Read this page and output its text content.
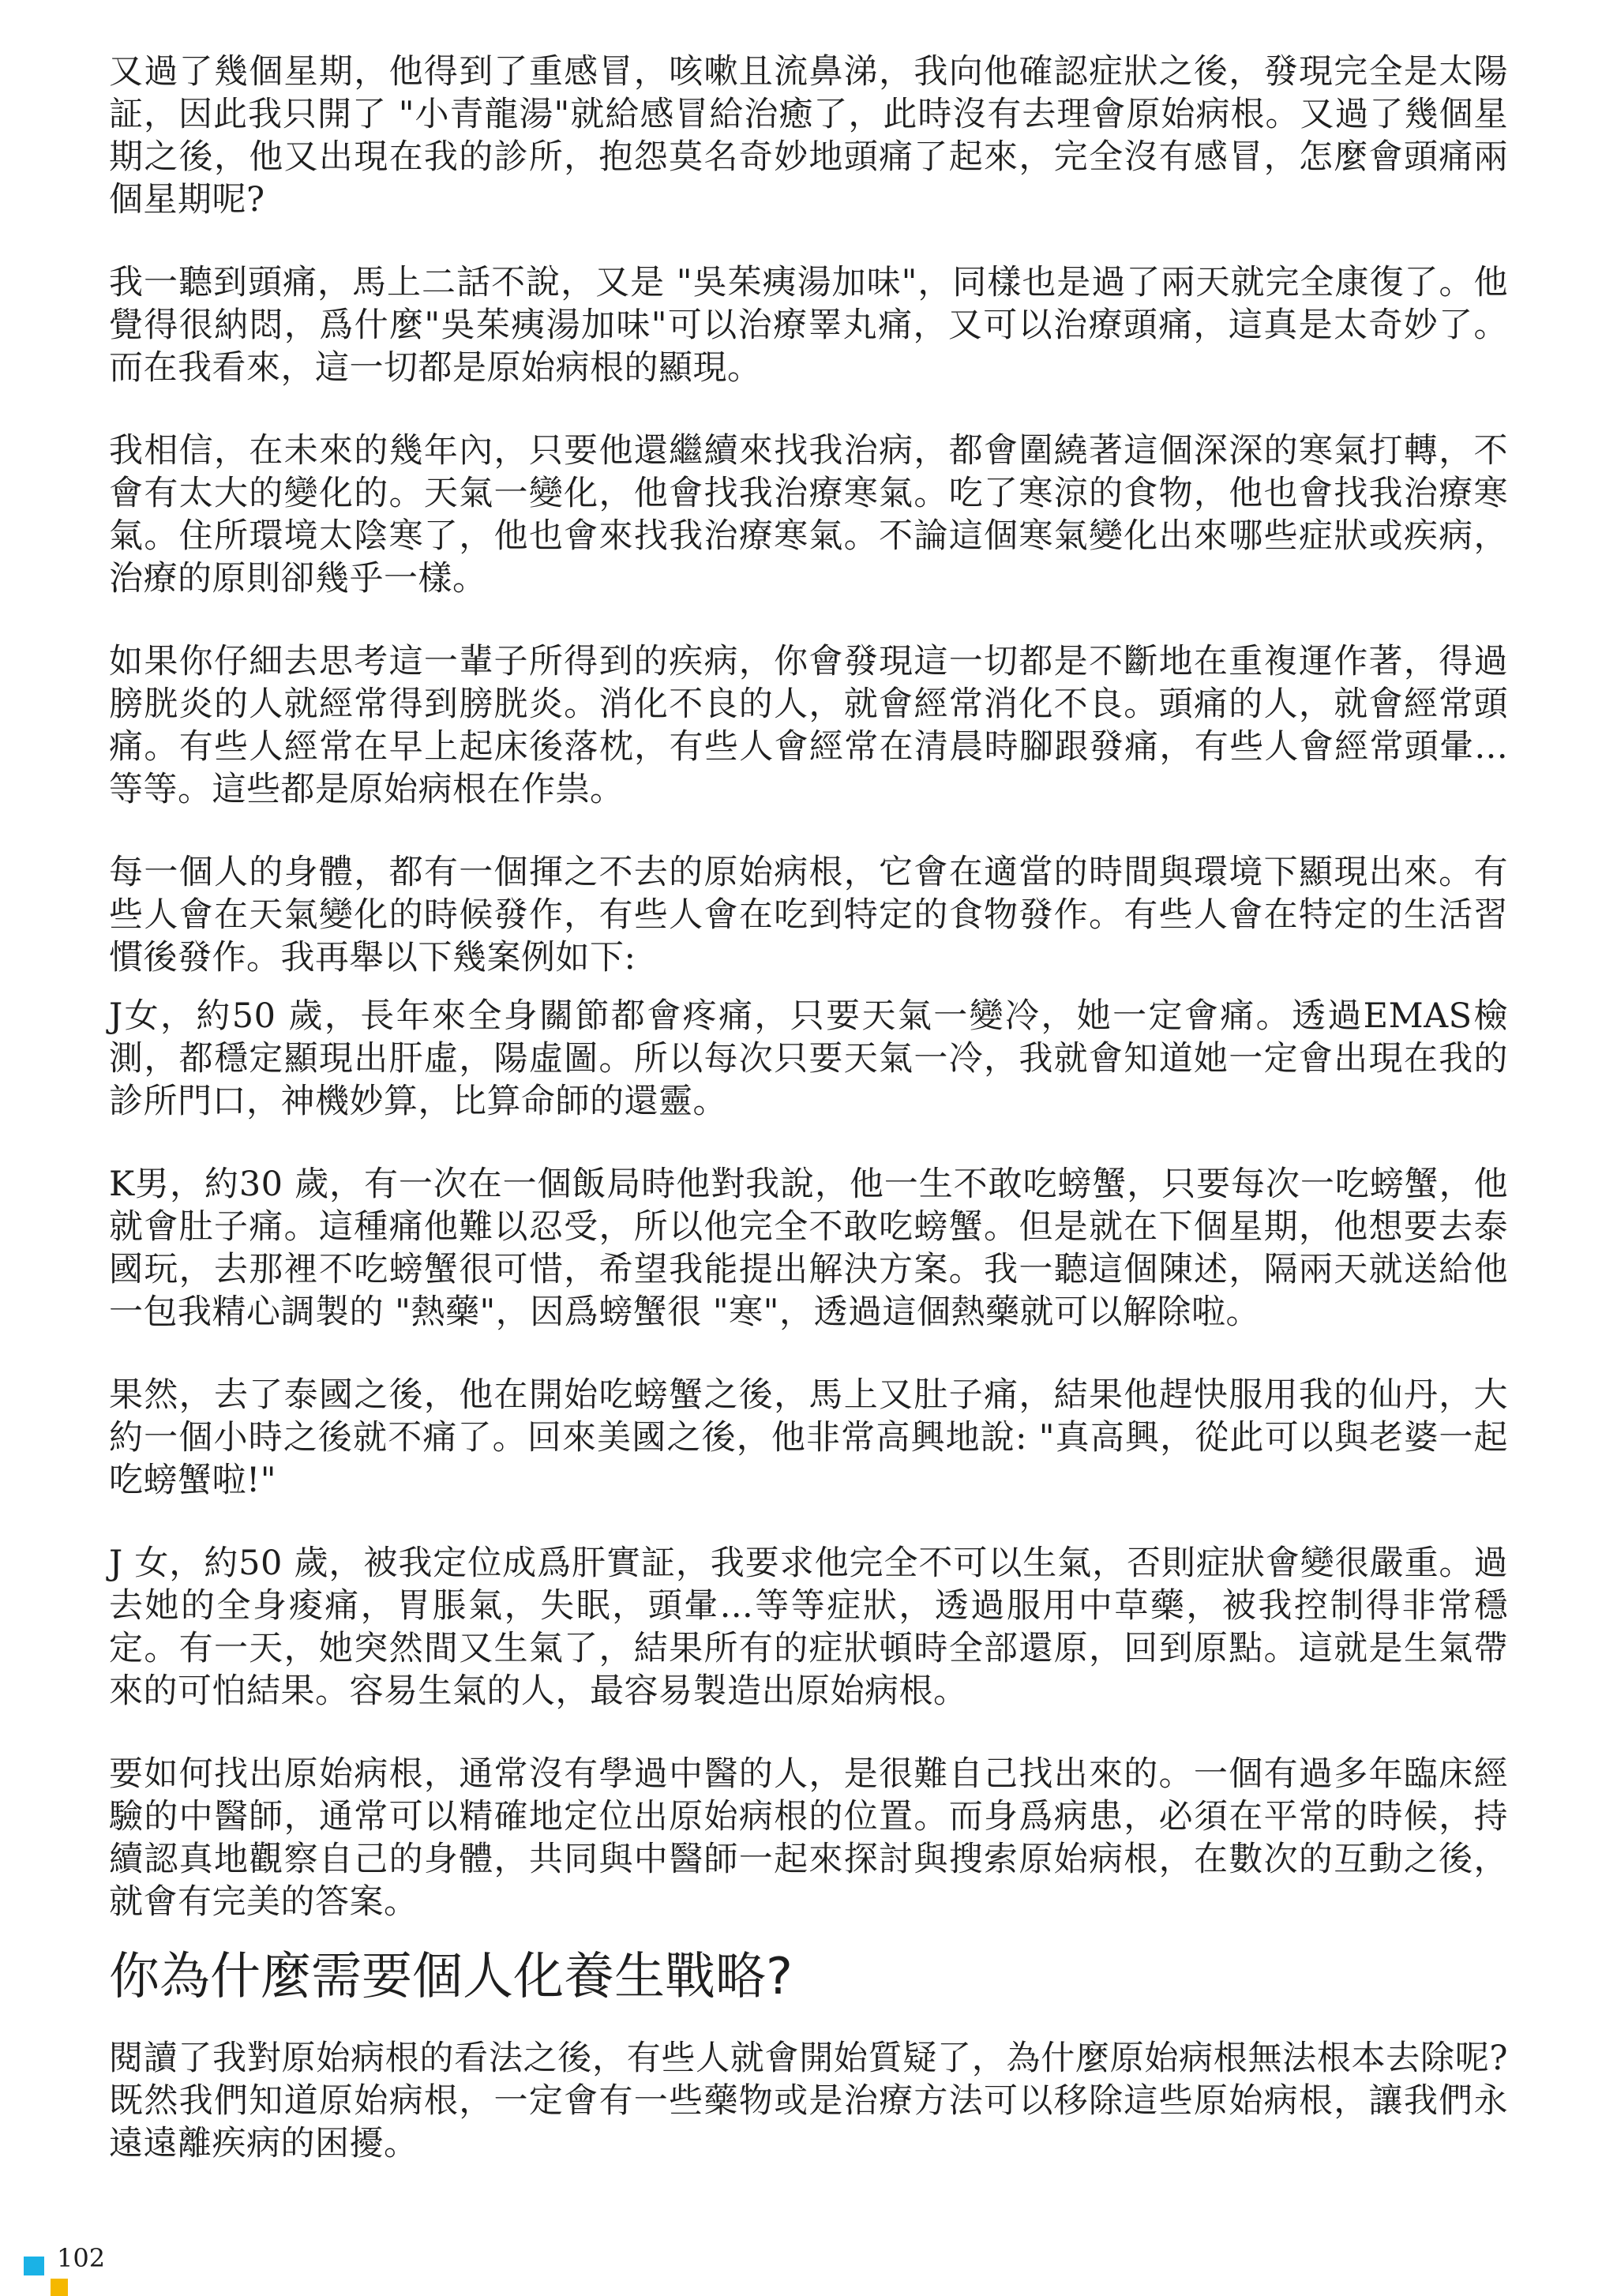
又過了幾個星期，他得到了重感冒，咳嗽且流鼻涕，我向他確認症狀之後，發現完全是太陽証，因此我只開了 "小青龍湯"就給感冒給治癒了，此時沒有去理會原始病根。又過了幾個星期之後，他又出現在我的診所，抱怨莫名奇妙地頭痛了起來，完全沒有感冒，怎麼會頭痛兩個星期呢?

我一聽到頭痛，馬上二話不說，又是 "吳茱痍湯加味"，同樣也是過了兩天就完全康復了。他覺得很納悶，爲什麼"吳茱痍湯加味"可以治療睪丸痛，又可以治療頭痛，這真是太奇妙了。而在我看來，這一切都是原始病根的顯現。

我相信，在未來的幾年內，只要他還繼續來找我治病，都會圍繞著這個深深的寒氣打轉，不會有太大的變化的。天氣一變化，他會找我治療寒氣。吃了寒涼的食物，他也會找我治療寒氣。住所環境太陰寒了，他也會來找我治療寒氣。不論這個寒氣變化出來哪些症狀或疾病，治療的原則卻幾乎一樣。

如果你仔細去思考這一輩子所得到的疾病，你會發現這一切都是不斷地在重複運作著，得過膀胱炎的人就經常得到膀胱炎。消化不良的人，就會經常消化不良。頭痛的人，就會經常頭痛。有些人經常在早上起床後落枕，有些人會經常在清晨時腳跟發痛，有些人會經常頭暈...等等。這些都是原始病根在作祟。

每一個人的身體，都有一個揮之不去的原始病根，它會在適當的時間與環境下顯現出來。有些人會在天氣變化的時候發作，有些人會在吃到特定的食物發作。有些人會在特定的生活習慣後發作。我再舉以下幾案例如下:

J女，約50 歲，長年來全身關節都會疼痛，只要天氣一變冷，她一定會痛。透過EMAS檢測，都穩定顯現出肝虛，陽虛圖。所以每次只要天氣一冷，我就會知道她一定會出現在我的診所門口，神機妙算，比算命師的還靈。

K男，約30 歲，有一次在一個飯局時他對我說，他一生不敢吃螃蟹，只要每次一吃螃蟹，他就會肚子痛。這種痛他難以忍受，所以他完全不敢吃螃蟹。但是就在下個星期，他想要去泰國玩，去那裡不吃螃蟹很可惜，希望我能提出解決方案。我一聽這個陳述，隔兩天就送給他一包我精心調製的 "熱藥"，因爲螃蟹很 "寒"，透過這個熱藥就可以解除啦。

果然，去了泰國之後，他在開始吃螃蟹之後，馬上又肚子痛，結果他趕快服用我的仙丹，大約一個小時之後就不痛了。回來美國之後，他非常高興地說: "真高興，從此可以與老婆一起吃螃蟹啦!"

J 女，約50 歲，被我定位成爲肝實証，我要求他完全不可以生氣，否則症狀會變很嚴重。過去她的全身痠痛，胃脹氣，失眠，頭暈...等等症狀，透過服用中草藥，被我控制得非常穩定。有一天，她突然間又生氣了，結果所有的症狀頓時全部還原，回到原點。這就是生氣帶來的可怕結果。容易生氣的人，最容易製造出原始病根。

要如何找出原始病根，通常沒有學過中醫的人，是很難自己找出來的。一個有過多年臨床經驗的中醫師，通常可以精確地定位出原始病根的位置。而身爲病患，必須在平常的時候，持續認真地觀察自己的身體，共同與中醫師一起來探討與搜索原始病根，在數次的互動之後，就會有完美的答案。

你為什麼需要個人化養生戰略?

閱讀了我對原始病根的看法之後，有些人就會開始質疑了，為什麼原始病根無法根本去除呢?既然我們知道原始病根，一定會有一些藥物或是治療方法可以移除這些原始病根，讓我們永遠遠離疾病的困擾。

102
